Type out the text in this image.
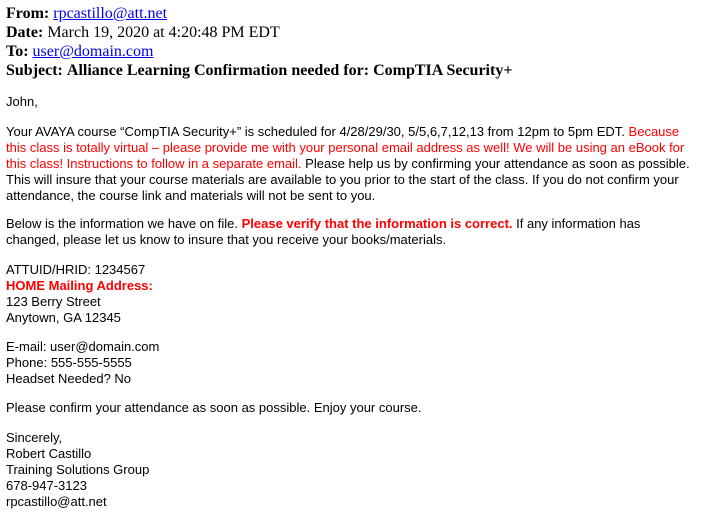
From: rpcastillo@att.net
Date: March 19, 2020 at 4:20:48 PM EDT
To: user@domain.com
Subject: Alliance Learning Confirmation needed for: CompTIA Security+
John,
Your AVAYA course “CompTIA Security+” is scheduled for 4/28/29/30, 5/5,6,7,12,13 from 12pm to 5pm EDT. Because
this class is totally virtual – please provide me with your personal email address as well! We will be using an eBook for
this class! Instructions to follow in a separate email. Please help us by confirming your attendance as soon as possible.
This will insure that your course materials are available to you prior to the start of the class. If you do not confirm your
attendance, the course link and materials will not be sent to you.
Below is the information we have on file. Please verify that the information is correct. If any information has
changed, please let us know to insure that you receive your books/materials.
ATTUID/HRID: 1234567
HOME Mailing Address:
123 Berry Street
Anytown, GA 12345
E-mail: user@domain.com
Phone: 555-555-5555
Headset Needed? No
Please confirm your attendance as soon as possible. Enjoy your course.
Sincerely,
Robert Castillo
Training Solutions Group
678-947-3123
rpcastillo@att.net
